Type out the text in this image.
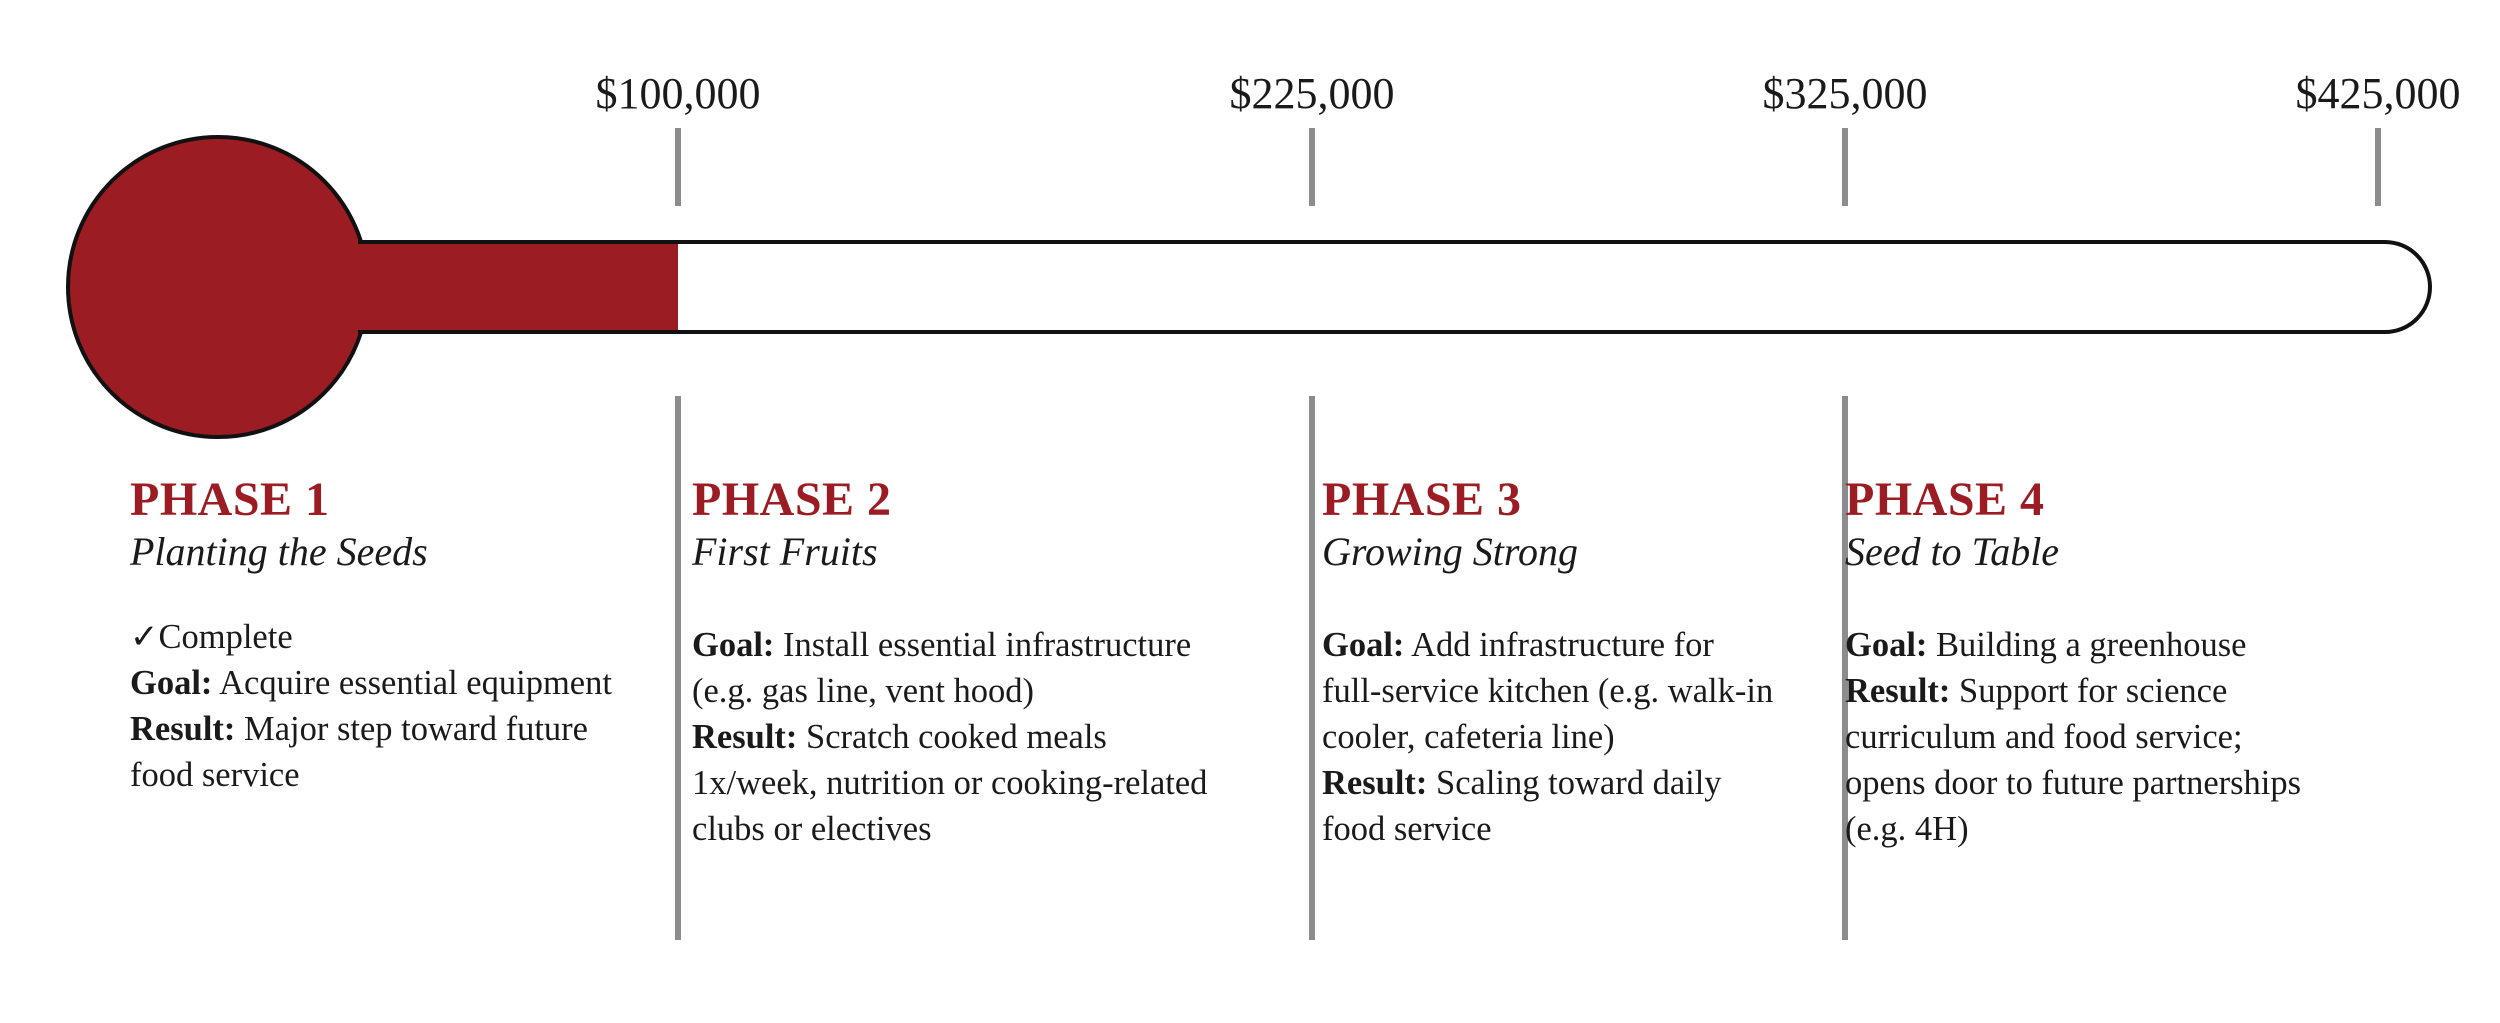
$100,000	$225,000	$325,000	$425,000
PHASE 1
Planting the Seeds
✓Complete
Goal: Acquire essential equipment
Result: Major step toward future
food service
PHASE 2
First Fruits
Goal: Install essential infrastructure
(e.g. gas line, vent hood)
Result: Scratch cooked meals
1x/week, nutrition or cooking-related
clubs or electives
PHASE 3
Growing Strong
Goal: Add infrastructure for
full-service kitchen (e.g. walk-in
cooler, cafeteria line)
Result: Scaling toward daily
food service
PHASE 4
Seed to Table
Goal: Building a greenhouse
Result: Support for science
curriculum and food service;
opens door to future partnerships
(e.g. 4H)
